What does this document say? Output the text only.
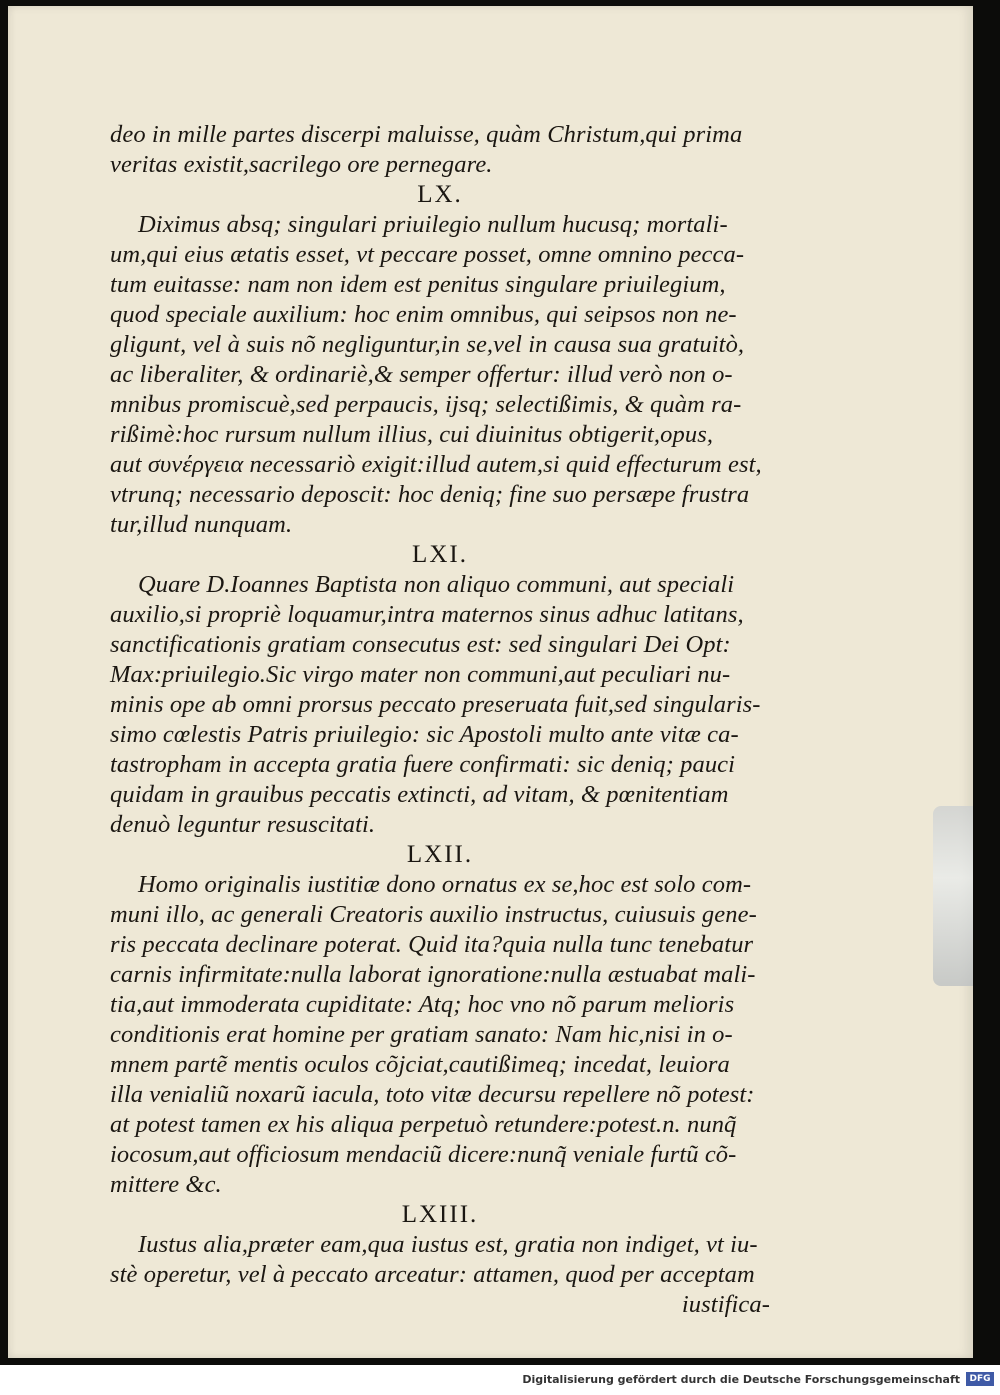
deo in mille partes discerpi maluisse, quàm Christum,qui prima
veritas existit,sacrilego ore pernegare.
LX.
Diximus absq; singulari priuilegio nullum hucusq; mortali-
um,qui eius ætatis esset, vt peccare posset, omne omnino pecca-
tum euitasse: nam non idem est penitus singulare priuilegium,
quod speciale auxilium: hoc enim omnibus, qui seipsos non ne-
gligunt, vel à suis nõ negliguntur,in se,vel in causa sua gratuitò,
ac liberaliter, & ordinariè,& semper offertur: illud verò non o-
mnibus promiscuè,sed perpaucis, ijsq; selectißimis, & quàm ra-
rißimè:hoc rursum nullum illius, cui diuinitus obtigerit,opus,
aut συνέργεια necessariò exigit:illud autem,si quid effecturum est,
vtrunq; necessario deposcit: hoc deniq; fine suo persæpe frustra
tur,illud nunquam.
LXI.
Quare D.Ioannes Baptista non aliquo communi, aut speciali
auxilio,si propriè loquamur,intra maternos sinus adhuc latitans,
sanctificationis gratiam consecutus est: sed singulari Dei Opt:
Max:priuilegio.Sic virgo mater non communi,aut peculiari nu-
minis ope ab omni prorsus peccato preseruata fuit,sed singularis-
simo cœlestis Patris priuilegio: sic Apostoli multo ante vitæ ca-
tastropham in accepta gratia fuere confirmati: sic deniq; pauci
quidam in grauibus peccatis extincti, ad vitam, & pœnitentiam
denuò leguntur resuscitati.
LXII.
Homo originalis iustitiæ dono ornatus ex se,hoc est solo com-
muni illo, ac generali Creatoris auxilio instructus, cuiusuis gene-
ris peccata declinare poterat. Quid ita?quia nulla tunc tenebatur
carnis infirmitate:nulla laborat ignoratione:nulla æstuabat mali-
tia,aut immoderata cupiditate: Atq; hoc vno nõ parum melioris
conditionis erat homine per gratiam sanato: Nam hic,nisi in o-
mnem partẽ mentis oculos cõjciat,cautißimeq; incedat, leuiora
illa venialiũ noxarũ iacula, toto vitæ decursu repellere nõ potest:
at potest tamen ex his aliqua perpetuò retundere:potest.n. nunq̃
iocosum,aut officiosum mendaciũ dicere:nunq̃ veniale furtũ cõ-
mittere &c.
LXIII.
Iustus alia,præter eam,qua iustus est, gratia non indiget, vt iu-
stè operetur, vel à peccato arceatur: attamen, quod per acceptam
iustifica-
Digitalisierung gefördert durch die Deutsche Forschungsgemeinschaft	DFG
